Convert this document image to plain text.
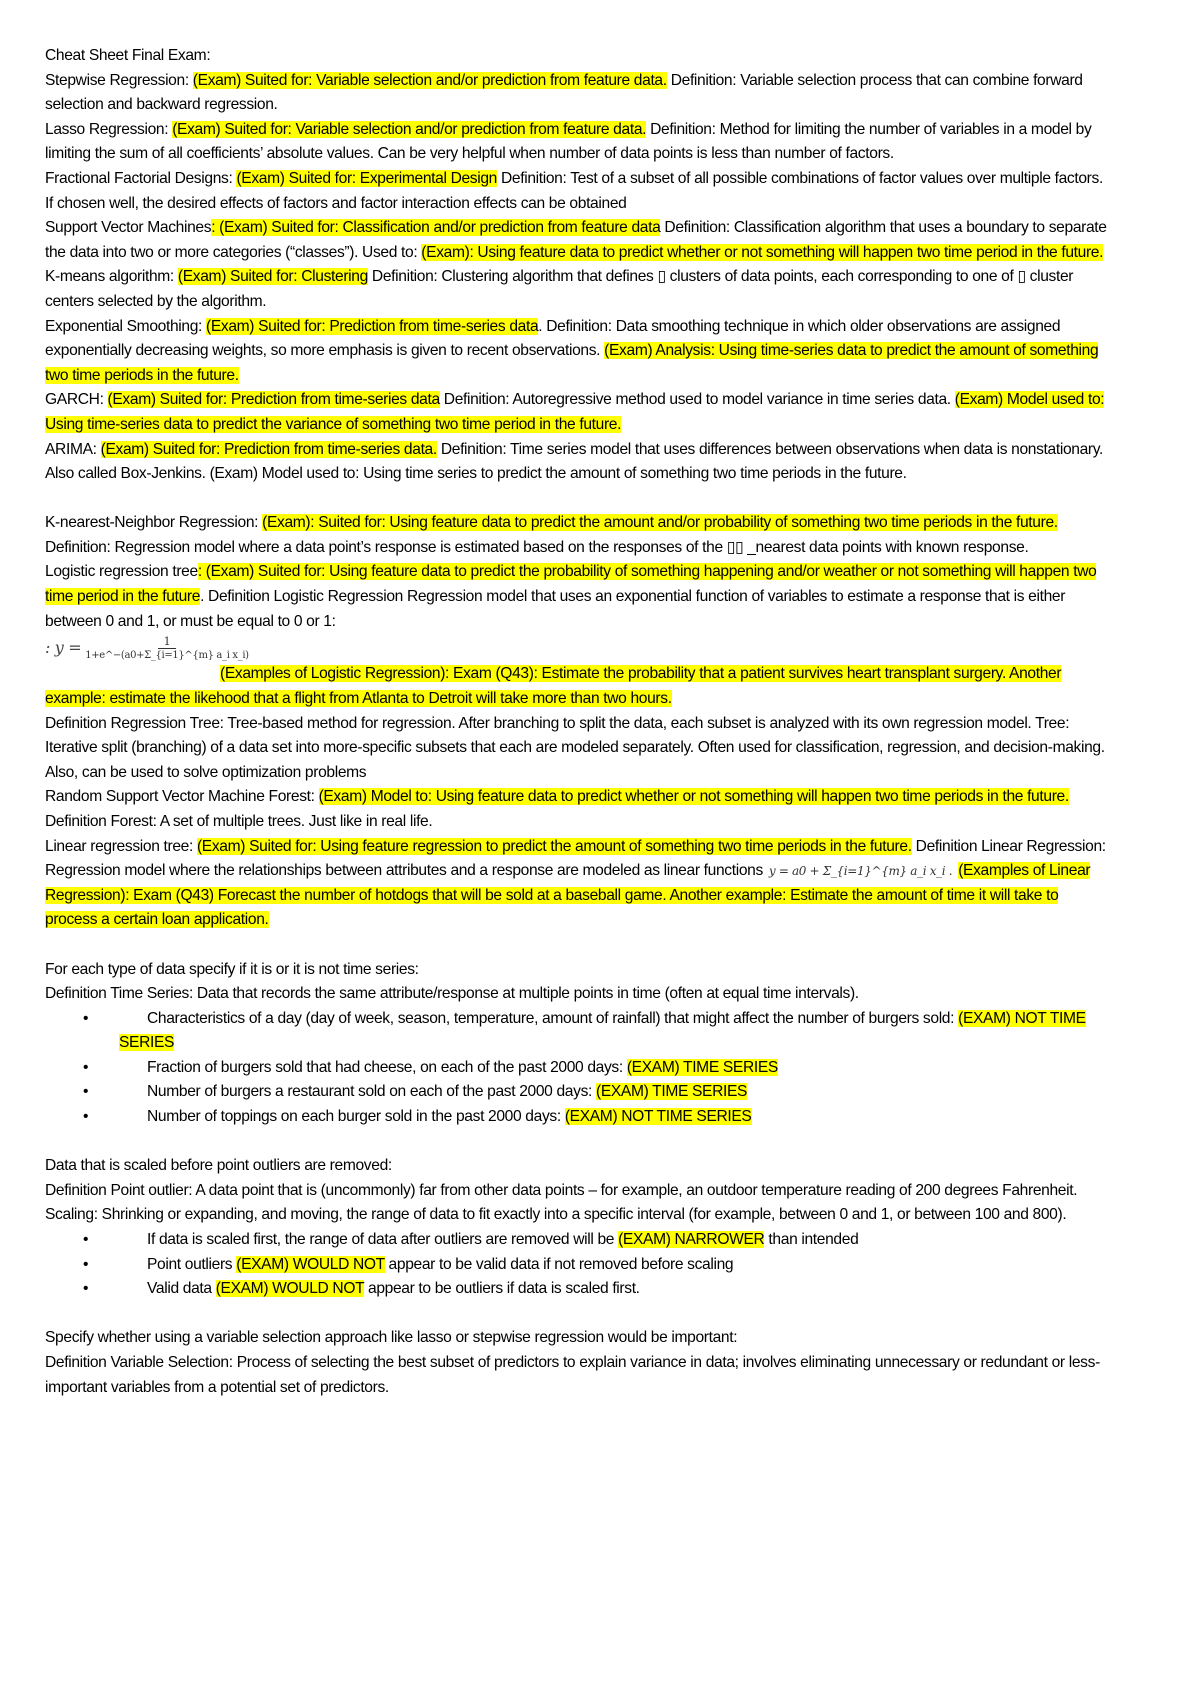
Cheat Sheet Final Exam:

Stepwise Regression: (Exam) Suited for: Variable selection and/or prediction from feature data. Definition: Variable selection process that can combine forward selection and backward regression.

Lasso Regression: (Exam) Suited for: Variable selection and/or prediction from feature data. Definition: Method for limiting the number of variables in a model by limiting the sum of all coefficients’ absolute values. Can be very helpful when number of data points is less than number of factors.

Fractional Factorial Designs: (Exam) Suited for: Experimental Design Definition: Test of a subset of all possible combinations of factor values over multiple factors. If chosen well, the desired effects of factors and factor interaction effects can be obtained

Support Vector Machines: (Exam) Suited for: Classification and/or prediction from feature data Definition: Classification algorithm that uses a boundary to separate the data into two or more categories (“classes”). Used to: (Exam): Using feature data to predict whether or not something will happen two time period in the future.

K-means algorithm: (Exam) Suited for: Clustering Definition: Clustering algorithm that defines ▯ clusters of data points, each corresponding to one of ▯ cluster centers selected by the algorithm.

Exponential Smoothing: (Exam) Suited for: Prediction from time-series data. Definition: Data smoothing technique in which older observations are assigned exponentially decreasing weights, so more emphasis is given to recent observations. (Exam) Analysis: Using time-series data to predict the amount of something two time periods in the future.

GARCH: (Exam) Suited for: Prediction from time-series data Definition: Autoregressive method used to model variance in time series data. (Exam) Model used to: Using time-series data to predict the variance of something two time period in the future.

ARIMA: (Exam) Suited for: Prediction from time-series data. Definition: Time series model that uses differences between observations when data is nonstationary. Also called Box-Jenkins. (Exam) Model used to: Using time series to predict the amount of something two time periods in the future.

K-nearest-Neighbor Regression: (Exam): Suited for: Using feature data to predict the amount and/or probability of something two time periods in the future. Definition: Regression model where a data point’s response is estimated based on the responses of the ▯▯ _nearest data points with known response.

Logistic regression tree: (Exam) Suited for: Using feature data to predict the probability of something happening and/or weather or not something will happen two time period in the future. Definition Logistic Regression Regression model that uses an exponential function of variables to estimate a response that is either between 0 and 1, or must be equal to 0 or 1:

: $y = \frac{1}{\text{1+e\textasciicircum{}−(a0+Σ\_\{i=1\}\textasciicircum{}\{m\} a\_i x\_i)}}$

(Examples of Logistic Regression): Exam (Q43): Estimate the probability that a patient survives heart transplant surgery. Another example: estimate the likehood that a flight from Atlanta to Detroit will take more than two hours.

Definition Regression Tree: Tree-based method for regression. After branching to split the data, each subset is analyzed with its own regression model. Tree: Iterative split (branching) of a data set into more-specific subsets that each are modeled separately. Often used for classification, regression, and decision-making. Also, can be used to solve optimization problems

Random Support Vector Machine Forest: (Exam) Model to: Using feature data to predict whether or not something will happen two time periods in the future. Definition Forest: A set of multiple trees. Just like in real life.

Linear regression tree: (Exam) Suited for: Using feature regression to predict the amount of something two time periods in the future. Definition Linear Regression: Regression model where the relationships between attributes and a response are modeled as linear functions y = a0 + Σ_{i=1}^{m} a_i x_i . (Examples of Linear Regression): Exam (Q43) Forecast the number of hotdogs that will be sold at a baseball game. Another example: Estimate the amount of time it will take to process a certain loan application.

For each type of data specify if it is or it is not time series:

Definition Time Series: Data that records the same attribute/response at multiple points in time (often at equal time intervals).

•	Characteristics of a day (day of week, season, temperature, amount of rainfall) that might affect the number of burgers sold: (EXAM) NOT TIME SERIES

•	Fraction of burgers sold that had cheese, on each of the past 2000 days: (EXAM) TIME SERIES

•	Number of burgers a restaurant sold on each of the past 2000 days: (EXAM) TIME SERIES

•	Number of toppings on each burger sold in the past 2000 days: (EXAM) NOT TIME SERIES

Data that is scaled before point outliers are removed:

Definition Point outlier: A data point that is (uncommonly) far from other data points – for example, an outdoor temperature reading of 200 degrees Fahrenheit. Scaling: Shrinking or expanding, and moving, the range of data to fit exactly into a specific interval (for example, between 0 and 1, or between 100 and 800).

•	If data is scaled first, the range of data after outliers are removed will be (EXAM) NARROWER than intended

•	Point outliers (EXAM) WOULD NOT appear to be valid data if not removed before scaling

•	Valid data (EXAM) WOULD NOT appear to be outliers if data is scaled first.

Specify whether using a variable selection approach like lasso or stepwise regression would be important:

Definition Variable Selection: Process of selecting the best subset of predictors to explain variance in data; involves eliminating unnecessary or redundant or less-important variables from a potential set of predictors.
